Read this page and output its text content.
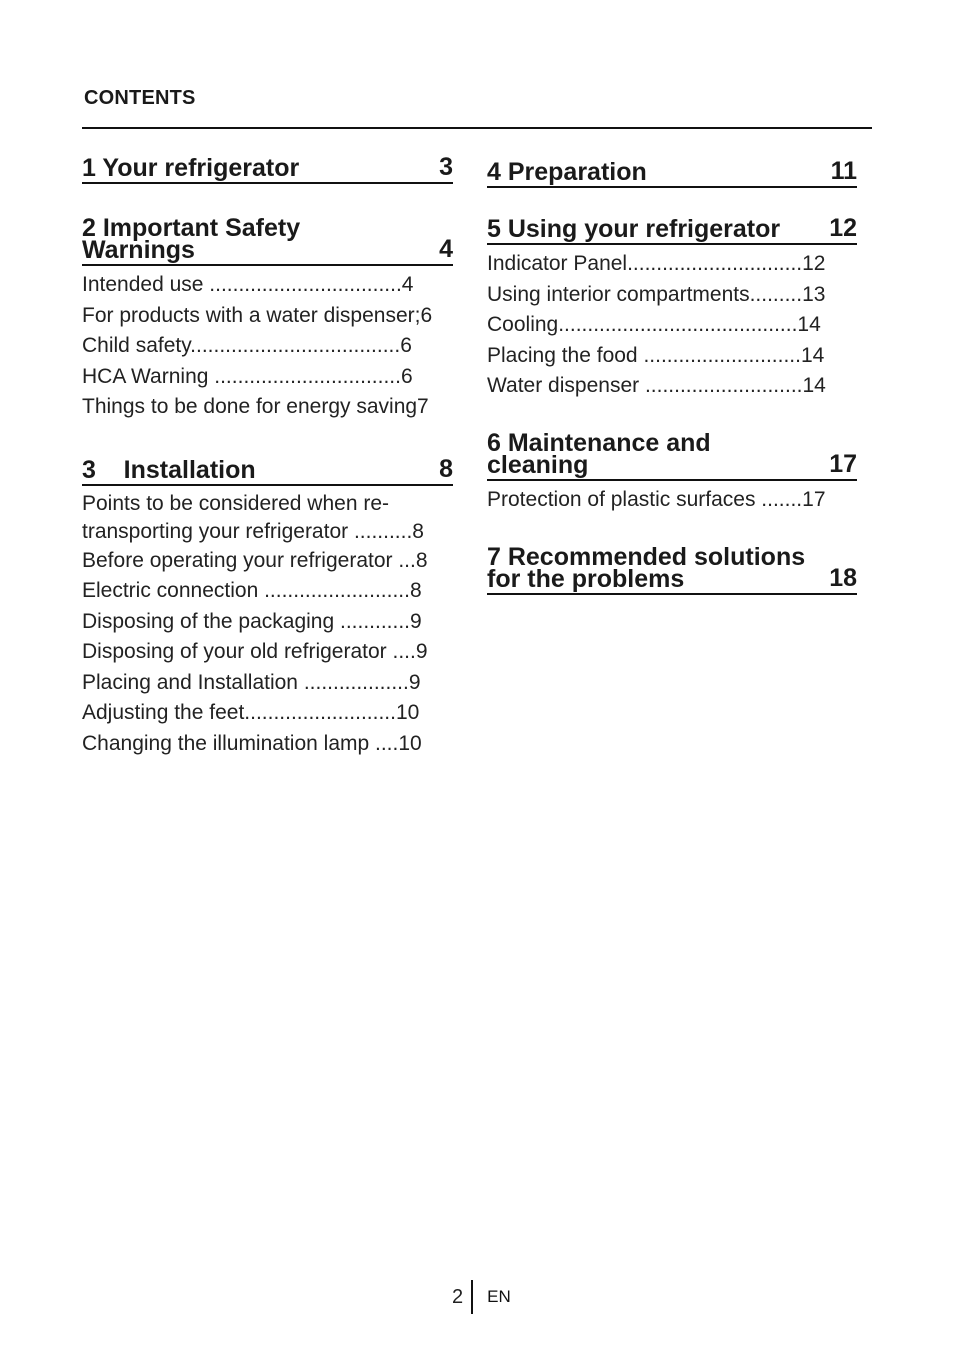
CONTENTS
1 Your refrigerator	3
2 Important Safety
Warnings	4
Intended use .................................4
For products with a water dispenser;6
Child safety....................................6
HCA Warning ................................6
Things to be done for energy saving7
3    Installation	8
Points to be considered when re-transporting your refrigerator ..........8
Before operating your refrigerator ...8
Electric connection .........................8
Disposing of the packaging ............9
Disposing of your old refrigerator ....9
Placing and Installation ..................9
Adjusting the feet..........................10
Changing the illumination lamp ....10
4 Preparation	11
5 Using your refrigerator	12
Indicator Panel..............................12
Using interior compartments.........13
Cooling.........................................14
Placing the food ...........................14
Water dispenser ...........................14
6 Maintenance and
cleaning	17
Protection of plastic surfaces .......17
7 Recommended solutions
for the problems	18
2 EN
